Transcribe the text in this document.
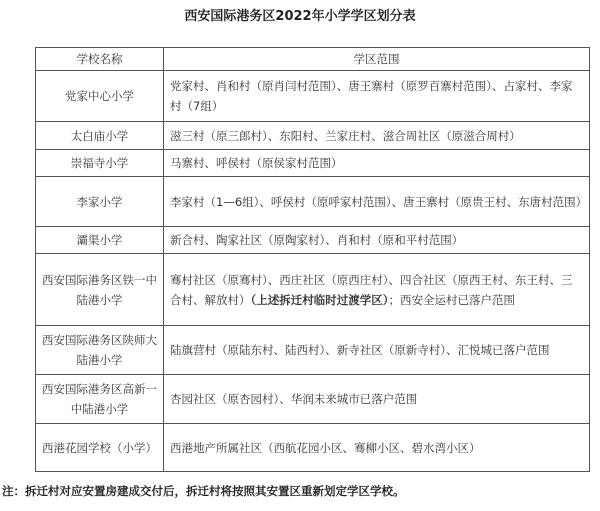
西安国际港务区2022年小学学区划分表
学校名称	学区范围
党家中心小学	党家村、肖和村（原肖闫村范围）、唐王寨村（原罗百寨村范围）、占家村、李家村（7组）
太白庙小学	滋三村（原三郎村）、东阳村、兰家庄村、滋合周社区（原滋合周村）
崇福寺小学	马寨村、呼侯村（原侯家村范围）
李家小学	李家村（1—6组）、呼侯村（原呼家村范围）、唐王寨村（原贵王村、东唐村范围）
灞渠小学	新合村、陶家社区（原陶家村）、肖和村（原和平村范围）
西安国际港务区铁一中陆港小学	骞村社区（原骞村）、西庄社区（原西庄村）、四合社区（原西王村、东王村、三合村、解放村）（上述拆迁村临时过渡学区）；西安全运村已落户范围
西安国际港务区陕师大陆港小学	陆旗营村（原陆东村、陆西村）、新寺社区（原新寺村）、汇悦城已落户范围
西安国际港务区高新一中陆港小学	杏园社区（原杏园村）、华润未来城市已落户范围
西港花园学校（小学）	西港地产所属社区（西航花园小区、骞柳小区、碧水湾小区）
注：拆迁村对应安置房建成交付后，拆迁村将按照其安置区重新划定学区学校。
